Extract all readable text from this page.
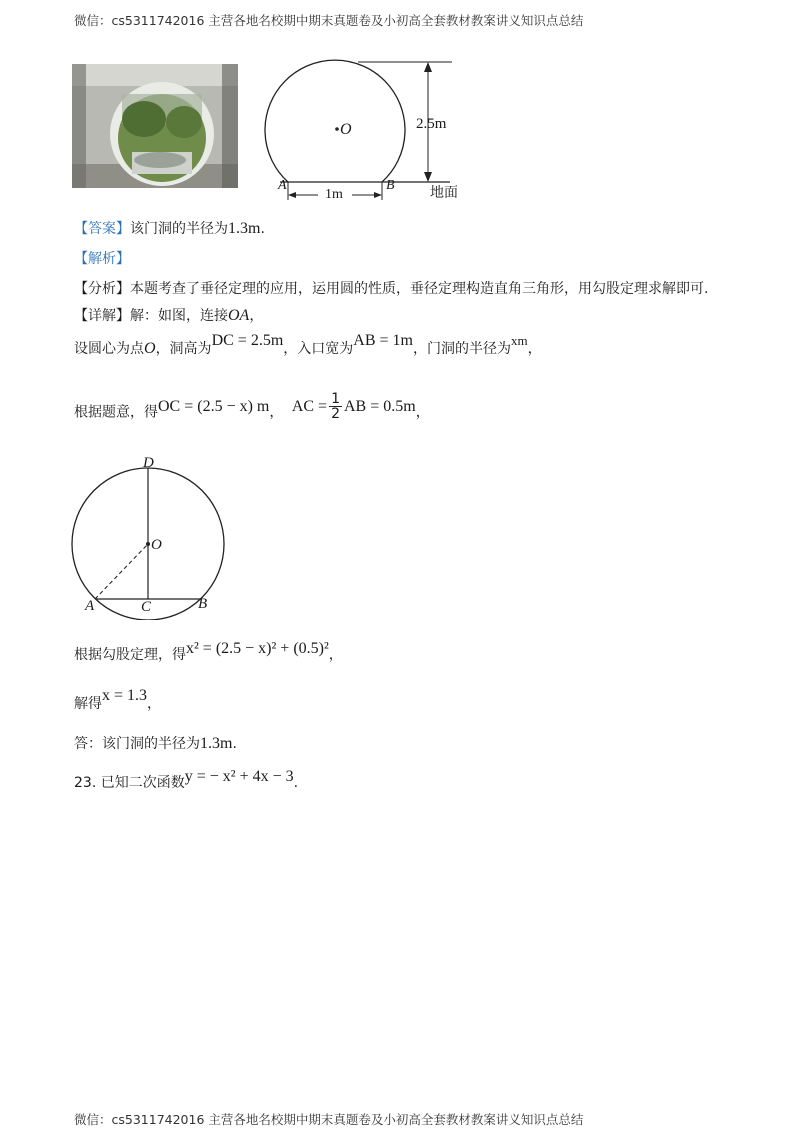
微信：cs5311742016 主营各地名校期中期末真题卷及小初高全套教材教案讲义知识点总结
微信：cs5311742016 主营各地名校期中期末真题卷及小初高全套教材教案讲义知识点总结
O
A	B
2.5m
1m	地面
【答案】该门洞的半径为1.3m.
【解析】
【分析】本题考查了垂径定理的应用，运用圆的性质，垂径定理构造直角三角形，用勾股定理求解即可.
【详解】解：如图，连接OA，
设圆心为点O，洞高为DC = 2.5m，入口宽为AB = 1m，门洞的半径为xm，
根据题意，得OC = (2.5 − x) m， AC = $\frac{1}{2}$ AB = 0.5m，
D
O
A	C	B
根据勾股定理，得x² = (2.5 − x)² + (0.5)²，
解得x = 1.3，
答：该门洞的半径为1.3m.
23. 已知二次函数y = − x² + 4x − 3.
